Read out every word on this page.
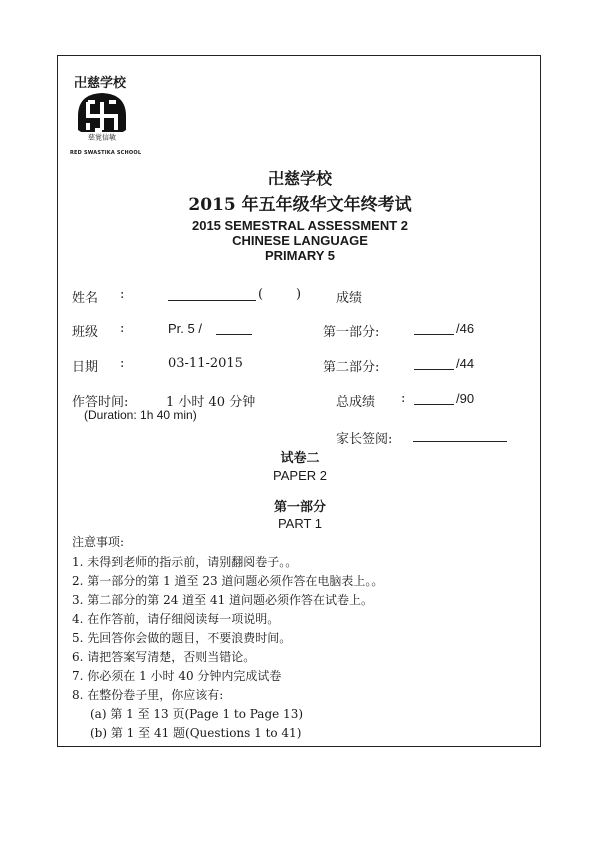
卍慈学校
慈覚信敏
RED SWASTIKA SCHOOL
卍慈学校
2015 年五年级华文年终考试
2015 SEMESTRAL ASSESSMENT 2
CHINESE LANGUAGE
PRIMARY 5
姓名 :	(	)	成绩
班级 :	Pr. 5 /	第一部分:	/46
日期 :	03-11-2015	第二部分:	/44
作答时间:	1 小时 40 分钟	总成绩 :	/90
(Duration: 1h 40 min)
家长签阅:
试卷二
PAPER 2
第一部分
PART 1
注意事项:
1. 未得到老师的指示前，请别翻阅卷子。。
2. 第一部分的第 1 道至 23 道问题必须作答在电脑表上。。
3. 第二部分的第 24 道至 41 道问题必须作答在试卷上。
4. 在作答前，请仔细阅读每一项说明。
5. 先回答你会做的题目，不要浪费时间。
6. 请把答案写清楚，否则当错论。
7. 你必须在 1 小时 40 分钟内完成试卷
8. 在整份卷子里，你应该有:
(a) 第 1 至 13 页(Page 1 to Page 13)
(b) 第 1 至 41 题(Questions 1 to 41)
